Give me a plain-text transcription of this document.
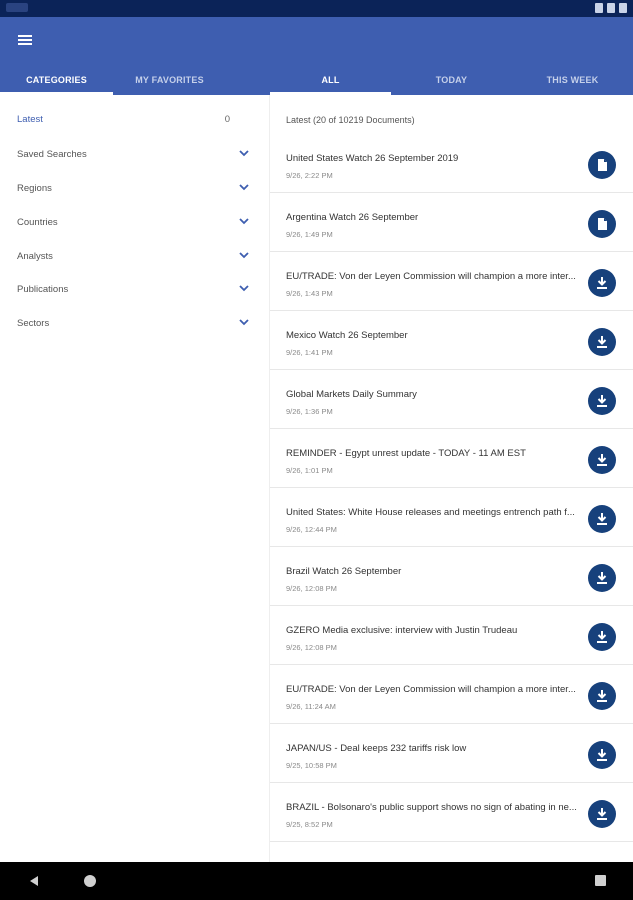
CATEGORIES	MY FAVORITES	ALL	TODAY	THIS WEEK
Latest	0
Saved Searches
Regions
Countries
Analysts
Publications
Sectors
Latest (20 of 10219 Documents)
United States Watch 26 September 2019
9/26, 2:22 PM
Argentina Watch 26 September
9/26, 1:49 PM
EU/TRADE: Von der Leyen Commission will champion a more inter...
9/26, 1:43 PM
Mexico Watch 26 September
9/26, 1:41 PM
Global Markets Daily Summary
9/26, 1:36 PM
REMINDER - Egypt unrest update - TODAY - 11 AM EST
9/26, 1:01 PM
United States: White House releases and meetings entrench path f...
9/26, 12:44 PM
Brazil Watch 26 September
9/26, 12:08 PM
GZERO Media exclusive: interview with Justin Trudeau
9/26, 12:08 PM
EU/TRADE: Von der Leyen Commission will champion a more inter...
9/26, 11:24 AM
JAPAN/US - Deal keeps 232 tariffs risk low
9/25, 10:58 PM
BRAZIL - Bolsonaro's public support shows no sign of abating in ne...
9/25, 8:52 PM
